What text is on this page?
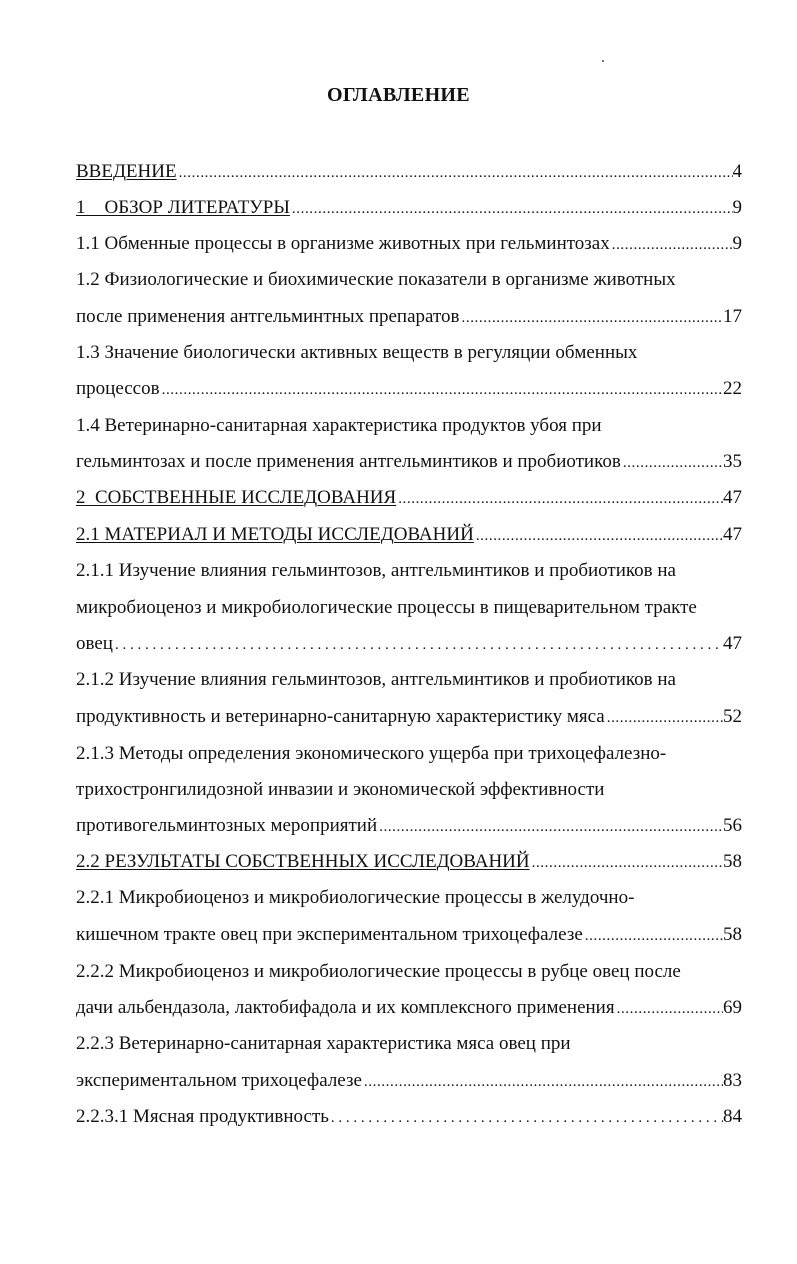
ОГЛАВЛЕНИЕ
ВВЕДЕНИЕ .....	4
1    ОБЗОР ЛИТЕРАТУРЫ .....	9
1.1 Обменные процессы в организме животных при гельминтозах .....	9
1.2 Физиологические и биохимические показатели в организме животных
после применения антгельминтных препаратов .....	17
1.3 Значение биологически активных веществ в регуляции обменных
процессов .....	22
1.4 Ветеринарно-санитарная характеристика продуктов убоя при
гельминтозах и после применения антгельминтиков и пробиотиков .....	35
2  СОБСТВЕННЫЕ ИССЛЕДОВАНИЯ .....	47
2.1 МАТЕРИАЛ И МЕТОДЫ ИССЛЕДОВАНИЙ .....	47
2.1.1 Изучение влияния гельминтозов, антгельминтиков и пробиотиков на
микробиоценоз и микробиологические процессы в пищеварительном тракте
овец . . .	47
2.1.2 Изучение влияния гельминтозов, антгельминтиков и пробиотиков на
продуктивность и ветеринарно-санитарную характеристику мяса .....	52
2.1.3 Методы определения экономического ущерба при трихоцефалезно-
трихостронгилидозной инвазии и экономической эффективности
противогельминтозных мероприятий .....	56
2.2 РЕЗУЛЬТАТЫ СОБСТВЕННЫХ ИССЛЕДОВАНИЙ .....	58
2.2.1 Микробиоценоз и микробиологические процессы в желудочно-
кишечном тракте овец при экспериментальном трихоцефалезе .....	58
2.2.2 Микробиоценоз и микробиологические процессы в рубце овец после
дачи альбендазола, лактобифадола и их комплексного применения .....	69
2.2.3 Ветеринарно-санитарная характеристика мяса овец при
экспериментальном трихоцефалезе .....	83
2.2.3.1 Мясная продуктивность . . .	84
